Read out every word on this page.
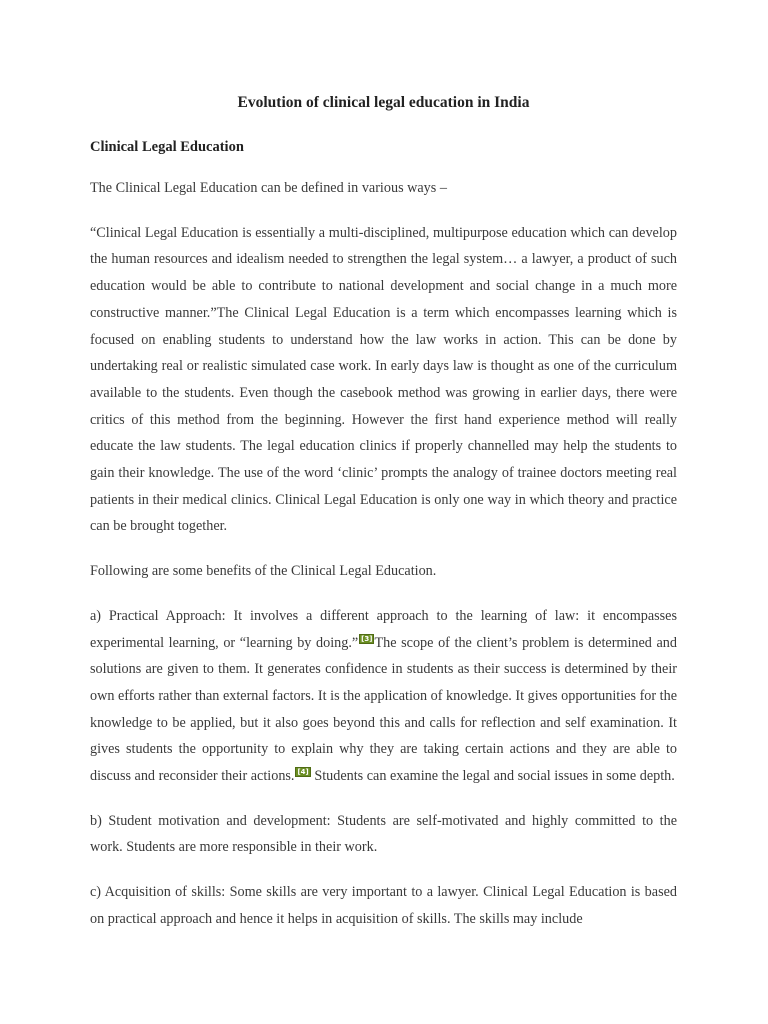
Evolution of clinical legal education in India
Clinical Legal Education

The Clinical Legal Education can be defined in various ways –

“Clinical Legal Education is essentially a multi-disciplined, multipurpose education which can develop the human resources and idealism needed to strengthen the legal system… a lawyer, a product of such education would be able to contribute to national development and social change in a much more constructive manner.”The Clinical Legal Education is a term which encompasses learning which is focused on enabling students to understand how the law works in action. This can be done by undertaking real or realistic simulated case work. In early days law is thought as one of the curriculum available to the students. Even though the casebook method was growing in earlier days, there were critics of this method from the beginning. However the first hand experience method will really educate the law students. The legal education clinics if properly channelled may help the students to gain their knowledge. The use of the word ‘clinic’ prompts the analogy of trainee doctors meeting real patients in their medical clinics. Clinical Legal Education is only one way in which theory and practice can be brought together.

Following are some benefits of the Clinical Legal Education.

a) Practical Approach: It involves a different approach to the learning of law: it encompasses experimental learning, or “learning by doing.” [3] The scope of the client’s problem is determined and solutions are given to them. It generates confidence in students as their success is determined by their own efforts rather than external factors. It is the application of knowledge. It gives opportunities for the knowledge to be applied, but it also goes beyond this and calls for reflection and self examination. It gives students the opportunity to explain why they are taking certain actions and they are able to discuss and reconsider their actions. [4] Students can examine the legal and social issues in some depth.

b) Student motivation and development: Students are self-motivated and highly committed to the work. Students are more responsible in their work.

c) Acquisition of skills: Some skills are very important to a lawyer. Clinical Legal Education is based on practical approach and hence it helps in acquisition of skills. The skills may include
